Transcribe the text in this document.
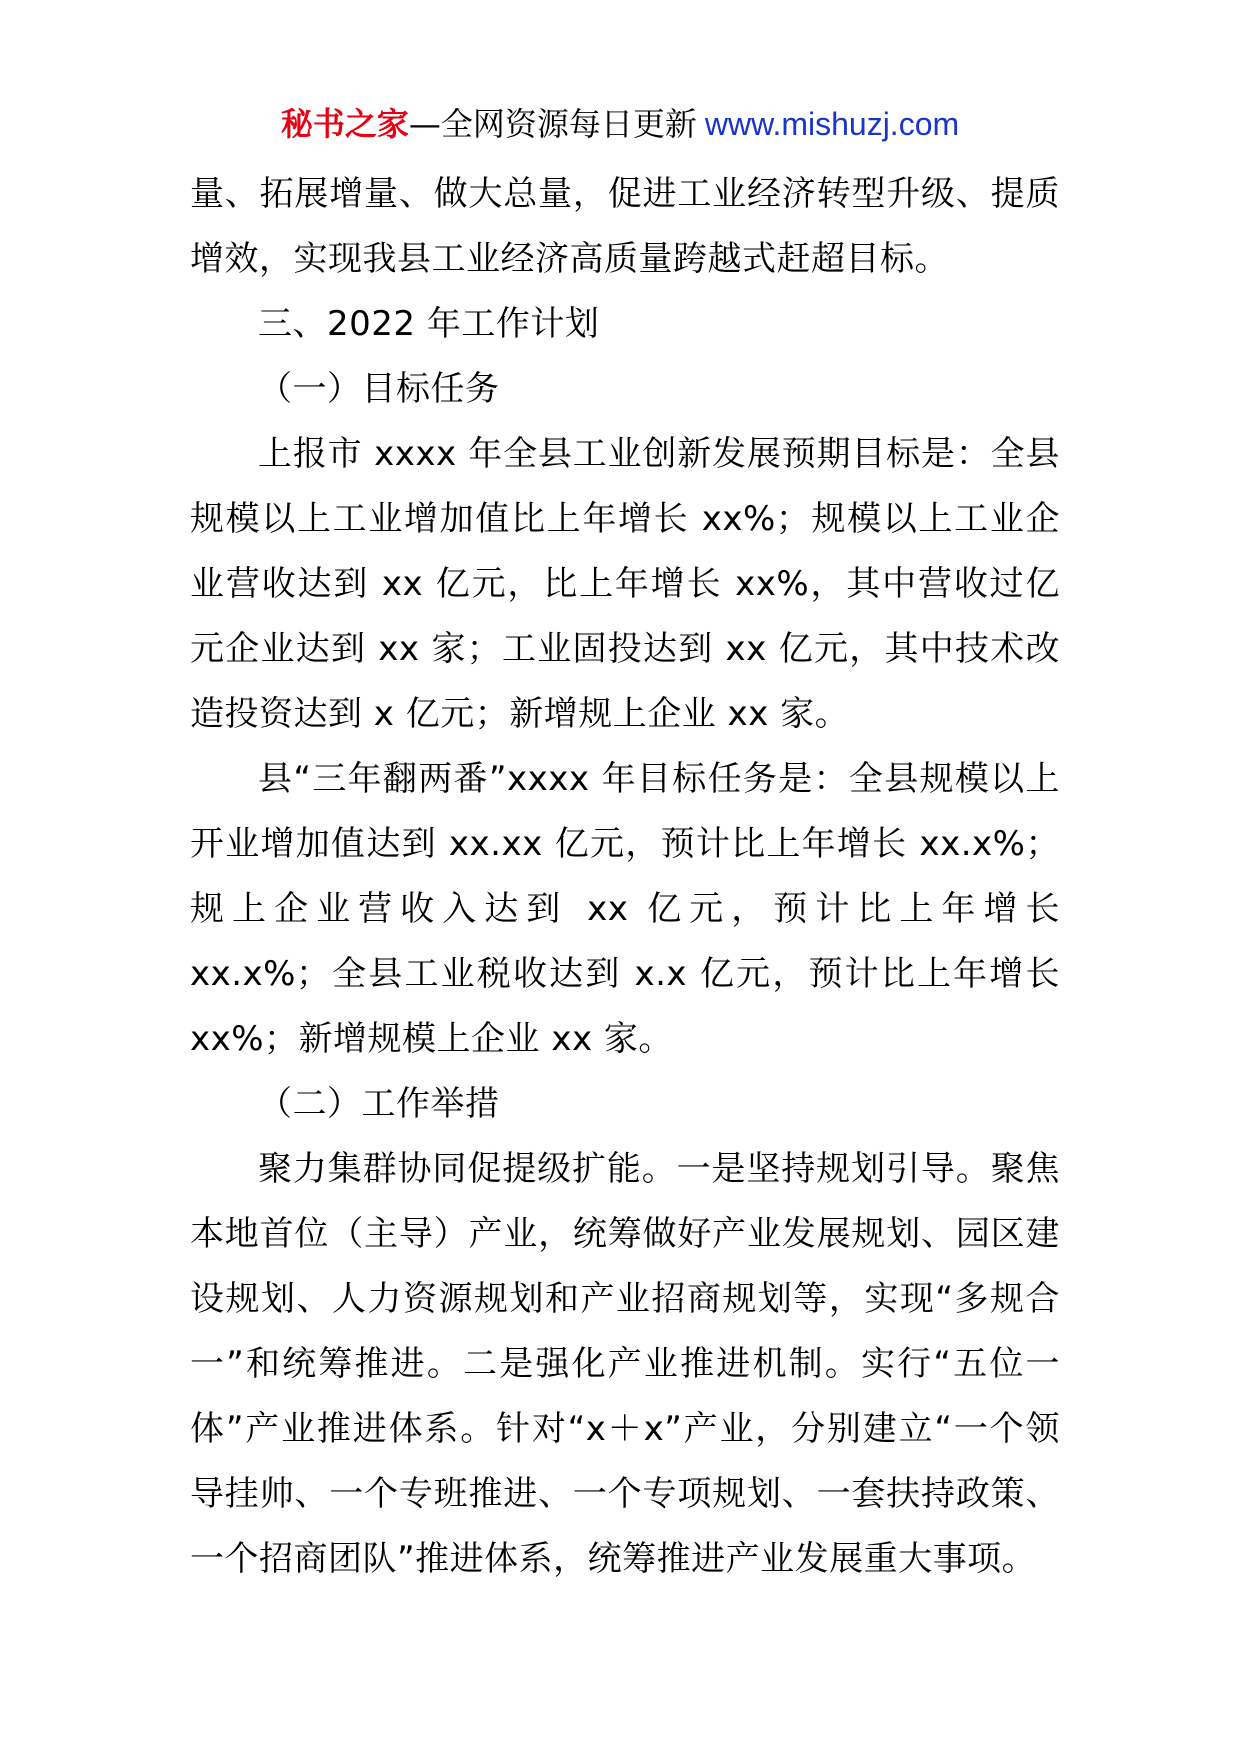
秘书之家—全网资源每日更新 www.mishuzj.com

量、拓展增量、做大总量，促进工业经济转型升级、提质增效，实现我县工业经济高质量跨越式赶超目标。

三、2022 年工作计划

（一）目标任务

上报市 xxxx 年全县工业创新发展预期目标是：全县规模以上工业增加值比上年增长 xx%；规模以上工业企业营收达到 xx 亿元，比上年增长 xx%，其中营收过亿元企业达到 xx 家；工业固投达到 xx 亿元，其中技术改造投资达到 x 亿元；新增规上企业 xx 家。

县“三年翻两番”xxxx 年目标任务是：全县规模以上开业增加值达到 xx.xx 亿元，预计比上年增长 xx.x%；规上企业营收入达到 xx 亿元，预计比上年增长 xx.x%；全县工业税收达到 x.x 亿元，预计比上年增长 xx%；新增规模上企业 xx 家。

（二）工作举措

聚力集群协同促提级扩能。一是坚持规划引导。聚焦本地首位（主导）产业，统筹做好产业发展规划、园区建设规划、人力资源规划和产业招商规划等，实现“多规合一”和统筹推进。二是强化产业推进机制。实行“五位一体”产业推进体系。针对“x＋x”产业，分别建立“一个领导挂帅、一个专班推进、一个专项规划、一套扶持政策、一个招商团队”推进体系，统筹推进产业发展重大事项。
